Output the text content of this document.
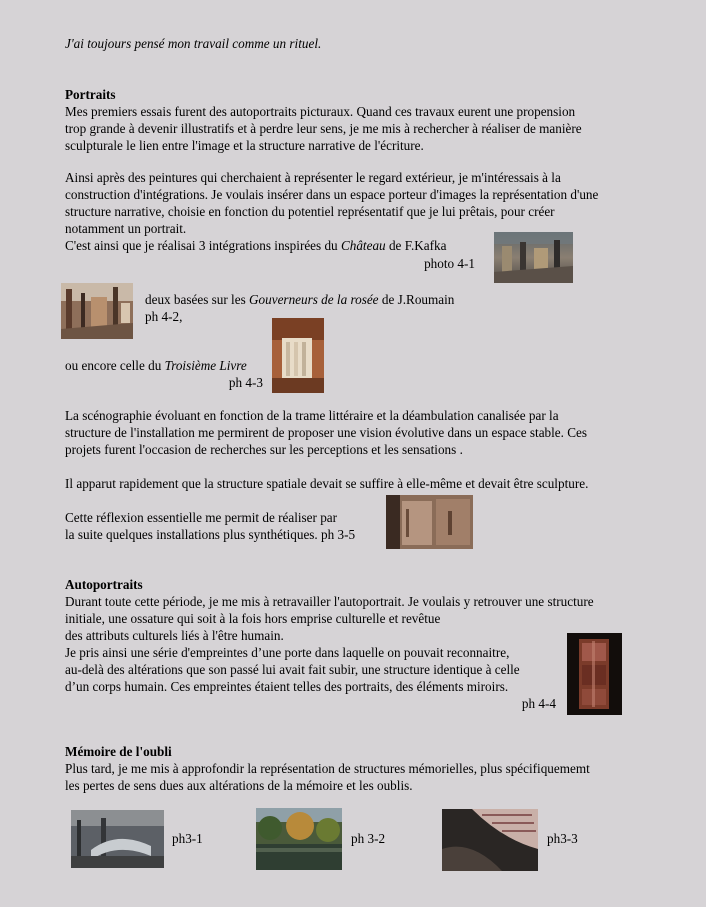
J'ai toujours pensé mon travail comme un rituel.

Portraits

Mes premiers essais furent des autoportraits picturaux. Quand ces travaux eurent une propension

trop grande à devenir illustratifs et à perdre leur sens, je me mis à rechercher à réaliser de manière

sculpturale le lien entre l'image et la structure narrative de l'écriture.

Ainsi après des peintures qui cherchaient à représenter le regard extérieur, je m'intéressais à la

construction d'intégrations. Je voulais insérer dans un espace porteur d'images la représentation d'une

structure narrative, choisie en fonction du potentiel représentatif que je lui prêtais, pour créer

notamment un portrait.

C'est ainsi que je réalisai 3 intégrations inspirées du Château de F.Kafka

photo 4-1

deux basées sur les Gouverneurs de la rosée de J.Roumain

ph 4-2,

ou encore celle du Troisième Livre

ph 4-3

La scénographie évoluant en fonction de la trame littéraire et la déambulation canalisée par la

structure de l'installation me permirent de proposer une vision évolutive dans un espace stable. Ces

projets furent l'occasion de recherches sur les perceptions et les sensations .

Il apparut rapidement que la structure spatiale devait se suffire à elle-même et devait être sculpture.

Cette réflexion essentielle me permit de réaliser par

la suite quelques installations plus synthétiques. ph 3-5

Autoportraits

Durant toute cette période, je me mis à retravailler l'autoportrait. Je voulais y retrouver une structure

initiale, une ossature qui soit à la fois hors emprise culturelle et revêtue

des attributs culturels liés à l'être humain.

Je pris ainsi une série d'empreintes d’une porte dans laquelle on pouvait reconnaitre,

au-delà des altérations que son passé lui avait fait subir, une structure identique à celle

d’un corps humain. Ces empreintes étaient telles des portraits, des éléments miroirs.

ph 4-4

Mémoire de l'oubli

Plus tard, je me mis à approfondir la représentation de structures mémorielles, plus spécifiquememt

les pertes de sens dues aux altérations de la mémoire et les oublis.

ph3-1	ph 3-2	ph3-3
